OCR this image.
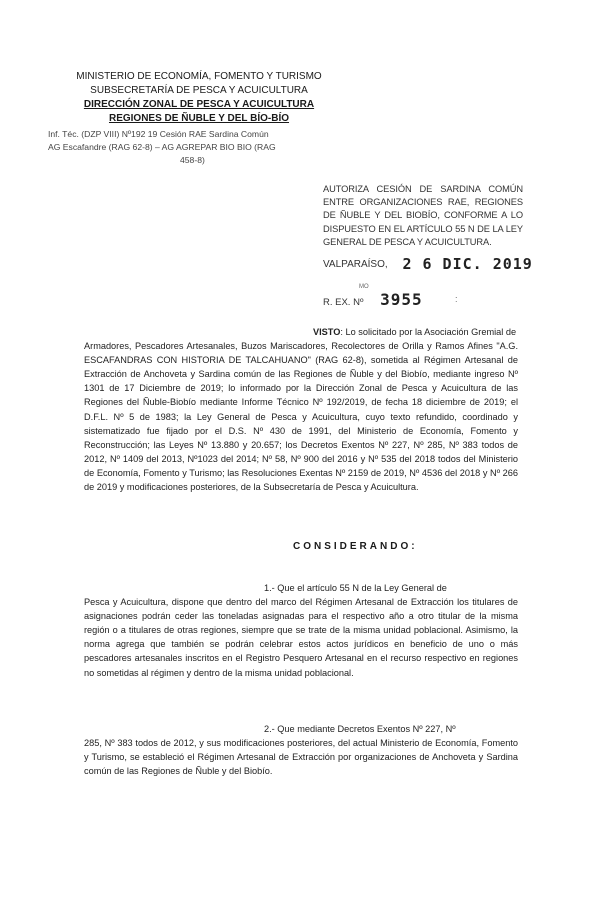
MINISTERIO DE ECONOMÍA, FOMENTO Y TURISMO
SUBSECRETARÍA DE PESCA Y ACUICULTURA
DIRECCIÓN ZONAL DE PESCA Y ACUICULTURA
REGIONES DE ÑUBLE Y DEL BÍO-BÍO
Inf. Téc. (DZP VIII) Nº192 19 Cesión RAE Sardina Común
AG Escafandre (RAG 62-8) – AG AGREPAR BIO BIO (RAG
458-8)
AUTORIZA CESIÓN DE SARDINA COMÚN ENTRE ORGANIZACIONES RAE, REGIONES DE ÑUBLE Y DEL BIOBÍO, CONFORME A LO DISPUESTO EN EL ARTÍCULO 55 N DE LA LEY GENERAL DE PESCA Y ACUICULTURA.
VALPARAÍSO, 2 6 DIC. 2019
R. EX. Nº
MO
3955	:
VISTO: Lo solicitado por la Asociación Gremial de
Armadores, Pescadores Artesanales, Buzos Mariscadores, Recolectores de Orilla y Ramos Afines "A.G. ESCAFANDRAS CON HISTORIA DE TALCAHUANO" (RAG 62-8), sometida al Régimen Artesanal de Extracción de Anchoveta y Sardina común de las Regiones de Ñuble y del Biobío, mediante ingreso Nº 1301 de 17 Diciembre de 2019; lo informado por la Dirección Zonal de Pesca y Acuicultura de las Regiones del Ñuble-Biobío mediante Informe Técnico Nº 192/2019, de fecha 18 diciembre de 2019; el D.F.L. Nº 5 de 1983; la Ley General de Pesca y Acuicultura, cuyo texto refundido, coordinado y sistematizado fue fijado por el D.S. Nº 430 de 1991, del Ministerio de Economía, Fomento y Reconstrucción; las Leyes Nº 13.880 y 20.657; los Decretos Exentos Nº 227, Nº 285, Nº 383 todos de 2012, Nº 1409 del 2013, Nº1023 del 2014; Nº 58, Nº 900 del 2016 y Nº 535 del 2018 todos del Ministerio de Economía, Fomento y Turismo; las Resoluciones Exentas Nº 2159 de 2019, Nº 4536 del 2018 y Nº 266 de 2019 y modificaciones posteriores, de la Subsecretaría de Pesca y Acuicultura.
CONSIDERANDO:
1.- Que el artículo 55 N de la Ley General de
Pesca y Acuicultura, dispone que dentro del marco del Régimen Artesanal de Extracción los titulares de asignaciones podrán ceder las toneladas asignadas para el respectivo año a otro titular de la misma región o a titulares de otras regiones, siempre que se trate de la misma unidad poblacional. Asimismo, la norma agrega que también se podrán celebrar estos actos jurídicos en beneficio de uno o más pescadores artesanales inscritos en el Registro Pesquero Artesanal en el recurso respectivo en regiones no sometidas al régimen y dentro de la misma unidad poblacional.
2.- Que mediante Decretos Exentos Nº 227, Nº
285, Nº 383 todos de 2012, y sus modificaciones posteriores, del actual Ministerio de Economía, Fomento y Turismo, se estableció el Régimen Artesanal de Extracción por organizaciones de Anchoveta y Sardina común de las Regiones de Ñuble y del Biobío.
